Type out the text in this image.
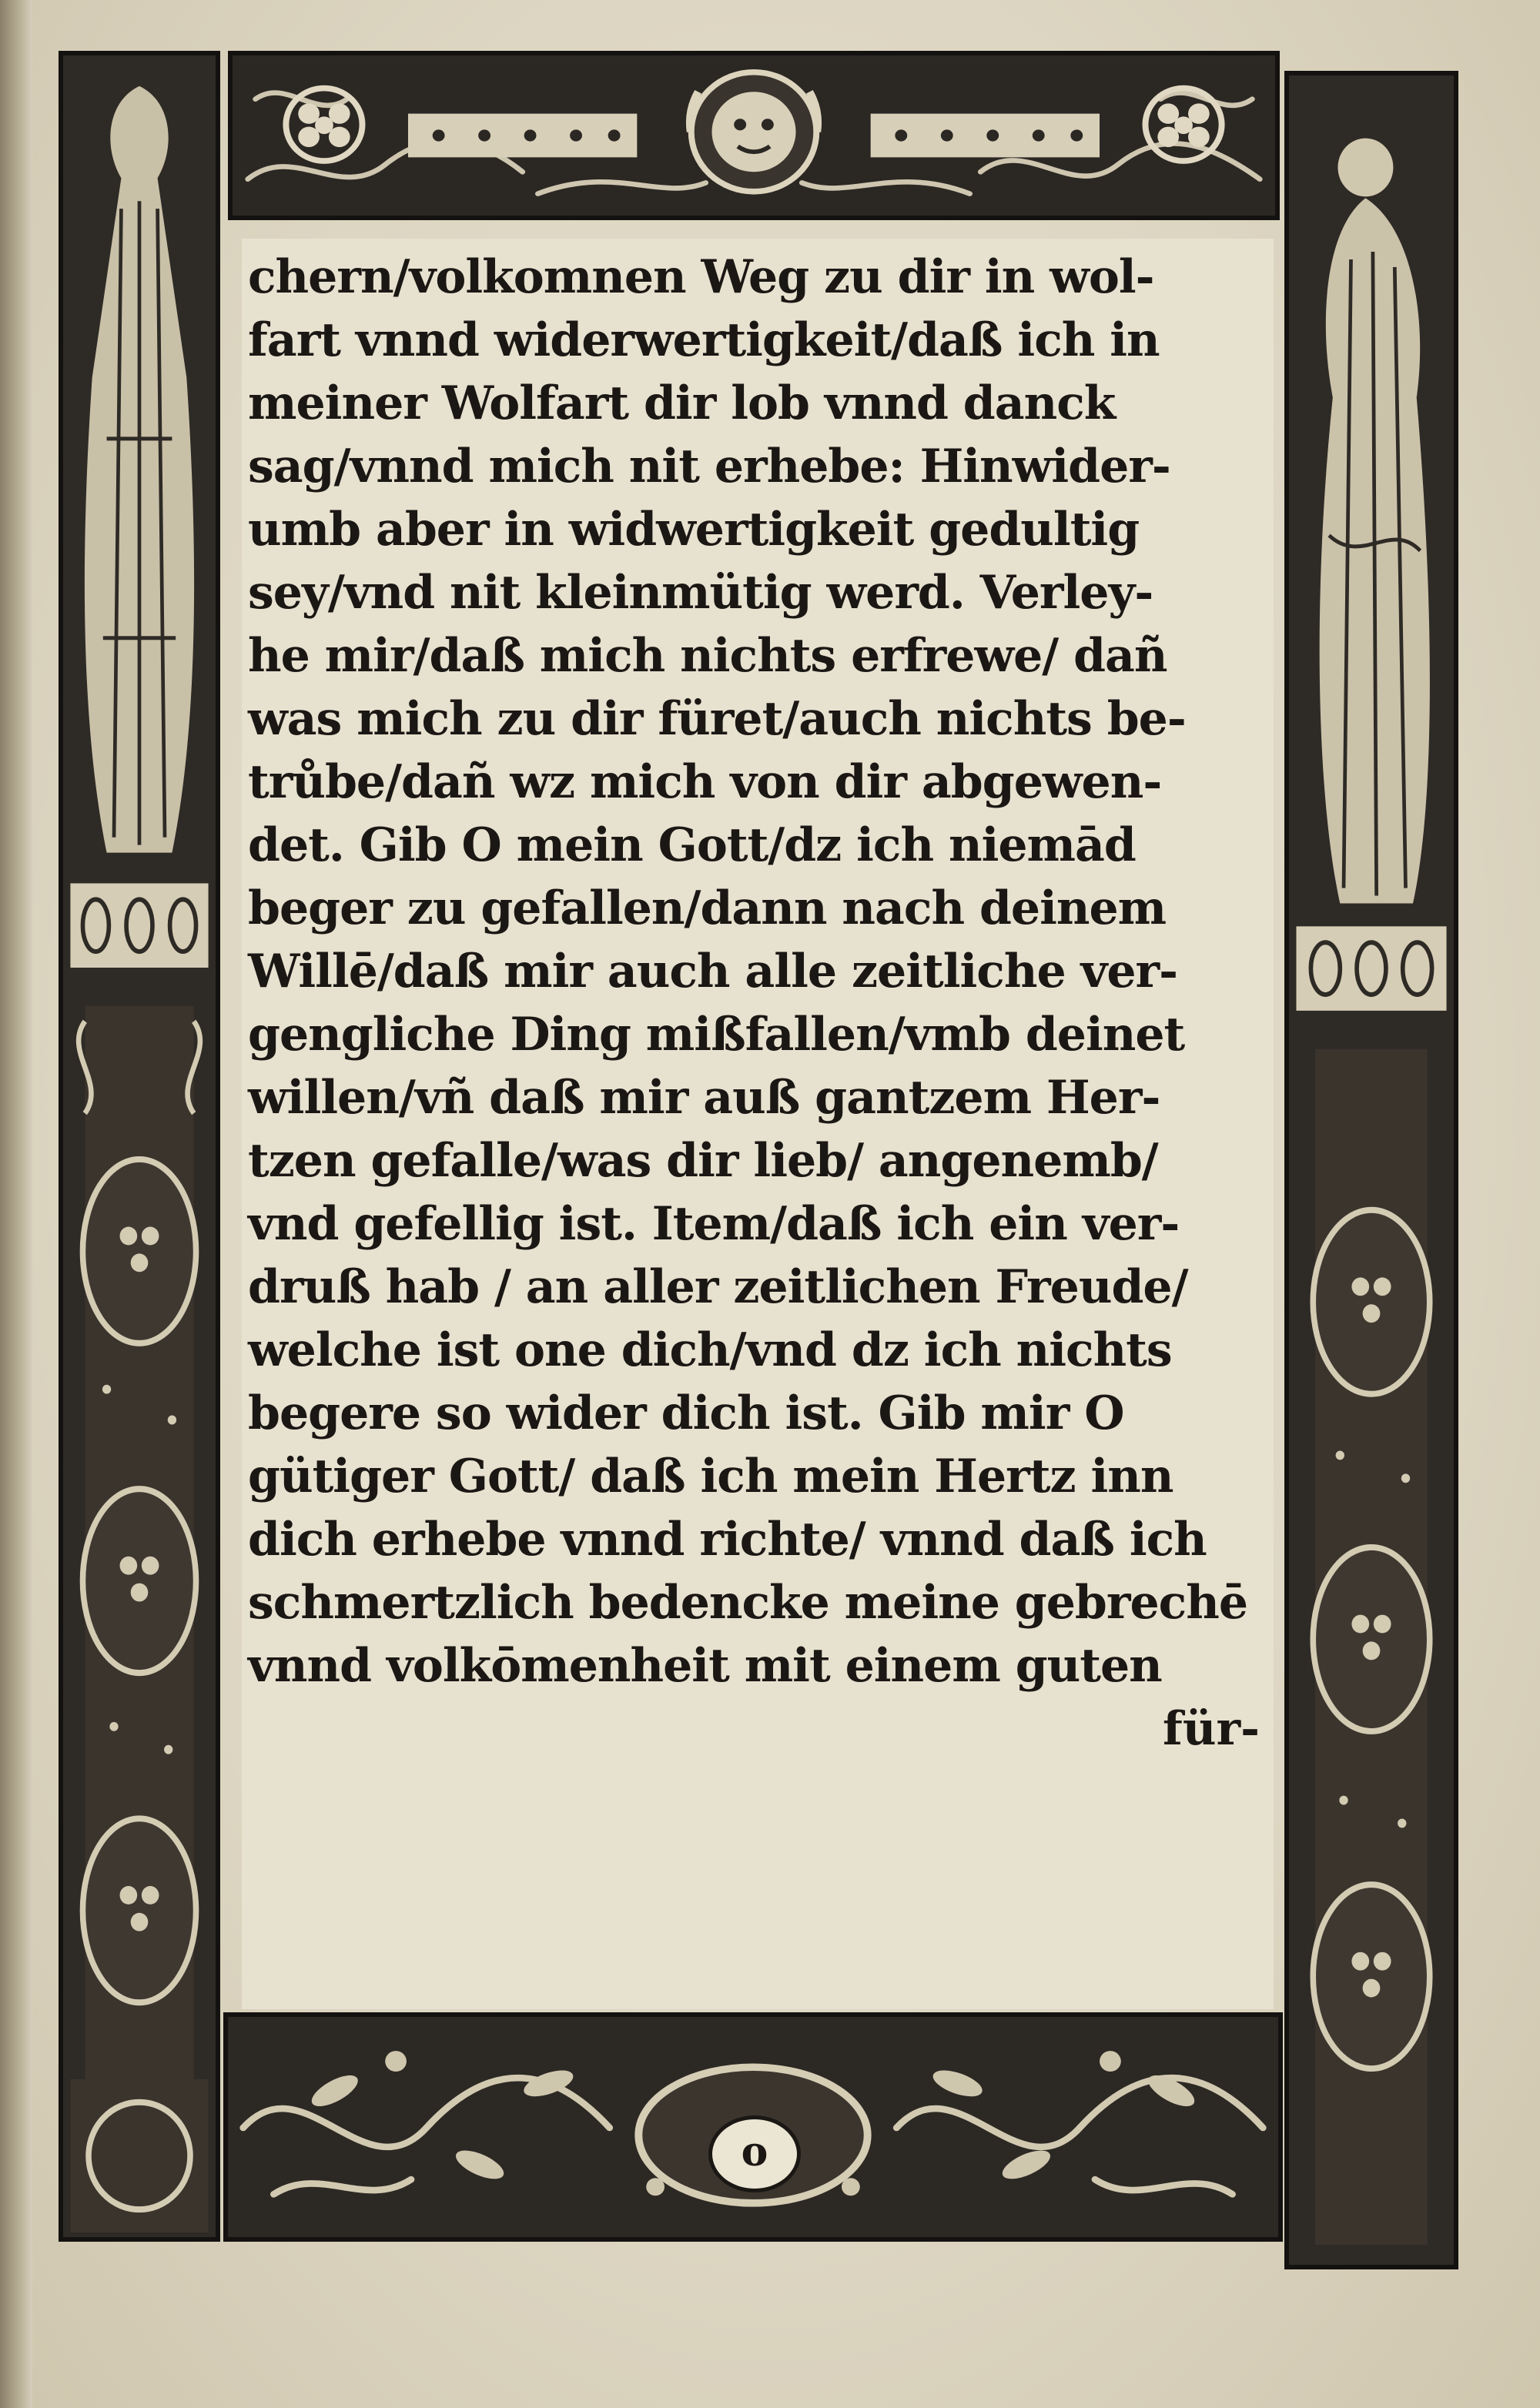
chern/volkomnen Weg zu dir in wol-
fart vnnd widerwertigkeit/daß ich in
meiner Wolfart dir lob vnnd danck
sag/vnnd mich nit erhebe: Hinwider-
umb aber in widwertigkeit gedultig
sey/vnd nit kleinmütig werd. Verley-
he mir/daß mich nichts erfrewe/ dañ
was mich zu dir füret/auch nichts be-
trůbe/dañ wz mich von dir abgewen-
det. Gib O mein Gott/dz ich niemād
beger zu gefallen/dann nach deinem
Willē/daß mir auch alle zeitliche ver-
gengliche Ding mißfallen/vmb deinet
willen/vñ daß mir auß gantzem Her-
tzen gefalle/was dir lieb/ angenemb/
vnd gefellig ist. Item/daß ich ein ver-
druß hab / an aller zeitlichen Freude/
welche ist one dich/vnd dz ich nichts
begere so wider dich ist. Gib mir O
gütiger Gott/ daß ich mein Hertz inn
dich erhebe vnnd richte/ vnnd daß ich
schmertzlich bedencke meine gebrechē
vnnd volkōmenheit mit einem guten
für-
o
